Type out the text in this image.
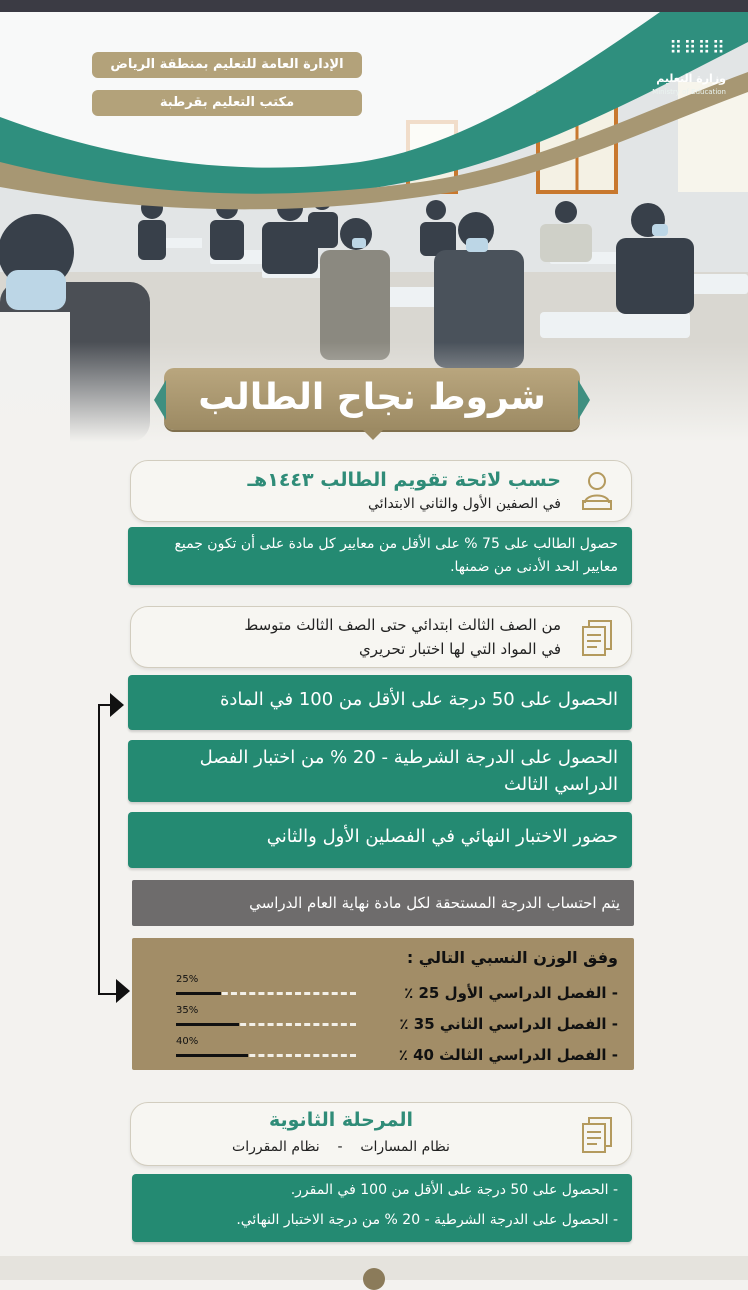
⠿⠿⠿⠿
وزارة التعليم
Ministry of Education
الإدارة العامة للتعليم بمنطقة الرياض
مكتب التعليم بقرطبة
شروط نجاح الطالب
حسب لائحة تقويم الطالب ١٤٤٣هـ
في الصفين الأول والثاني الابتدائي
حصول الطالب على 75 % على الأقل من معايير كل مادة على أن تكون جميع معايير الحد الأدنى من ضمنها.
من الصف الثالث ابتدائي حتى الصف الثالث متوسط
في المواد التي لها اختبار تحريري
الحصول على 50 درجة على الأقل من 100 في المادة
الحصول على الدرجة الشرطية - 20 % من اختبار الفصل الدراسي الثالث
حضور الاختبار النهائي في الفصلين الأول والثاني
يتم احتساب الدرجة المستحقة لكل مادة نهاية العام الدراسي
وفق الوزن النسبي التالي :
- الفصل الدراسي الأول 25 ٪
25%
- الفصل الدراسي الثاني 35 ٪
35%
- الفصل الدراسي الثالث 40 ٪
40%
المرحلة الثانوية
نظام المسارات    -    نظام المقررات
- الحصول على 50 درجة على الأقل من 100 في المقرر.
- الحصول على الدرجة الشرطية - 20 % من درجة الاختبار النهائي.
